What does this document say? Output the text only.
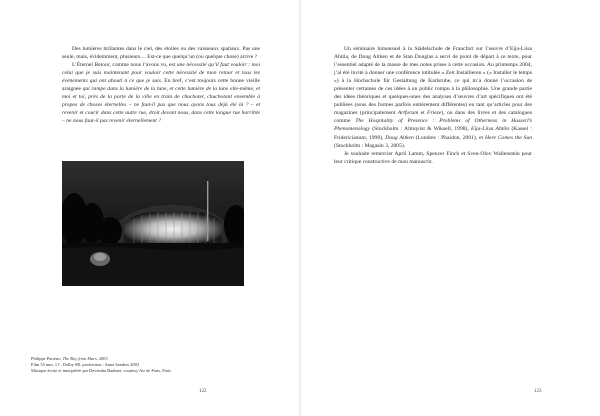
Des lumières brillantes dans le ciel, des étoiles ou des vaisseaux spatiaux. Pas une seule, mais, évidemment, plusieurs… Est-ce que quelqu’un (ou quelque chose) arrive ?

L’Éternel Retour, comme nous l’avons vu, est une nécessité qu’il faut vouloir : moi celui que je suis maintenant pour vouloir cette nécessité de mon retour et tous les événements qui ont abouti à ce que je suis. En bref, c’est toujours cette bonne vieille araignée qui rampe dans la lumière de la lune, et cette lumière de la lune elle-même, et moi et toi, près de la porte de la ville en train de chuchoter, chuchotant ensemble à propos de choses éternelles – ne faut-il pas que nous ayons tous déjà été là ? – et revenir et courir dans cette autre rue, droit devant nous, dans cette longue rue horrible – ne nous faut-il pas revenir éternellement ?

Philippe Parreno, The Boy from Mars, 2003
Film 35 mm, 11’, Dolby SR, production : Anna Sanders 2003
Musique écrite et interprétée par Devendra Banhart, courtesy Air de Paris, Paris
122

Un séminaire bimensuel à la Städelschule de Francfort sur l’œuvre d’Eija-Liisa Ahtila, de Doug Aitken et de Stan Douglas a servi de point de départ à ce texte, pour l’essentiel adapté de la masse de mes notes prises à cette occasion. Au printemps 2004, j’ai été invité à donner une conférence intitulée « Zeit Installieren » (« Installer le temps ») à la Hochschule für Gestaltung de Karlsruhe, ce qui m’a donné l’occasion de présenter certaines de ces idées à un public rompu à la philosophie. Une grande partie des idées théoriques et quelques-unes des analyses d’œuvres d’art spécifiques ont été publiées (sous des formes parfois entièrement différentes) en tant qu’articles pour des magazines (principalement Artforum et Frieze), ou dans des livres et des catalogues comme The Hospitality of Presence : Problems of Otherness in Husserl’s Phenomenology (Stockholm : Almqvist & Wiksell, 1998), Eija-Liisa Ahtila (Kassel : Fridericianum, 1998), Doug Aitken (Londres : Phaidon, 2001), et Here Comes the Sun (Stockholm : Magasin 3, 2005).

Je souhaite remercier April Lamm, Spencer Finch et Sven-Olov Wallenstein pour leur critique constructive de mon manuscrit.

123
